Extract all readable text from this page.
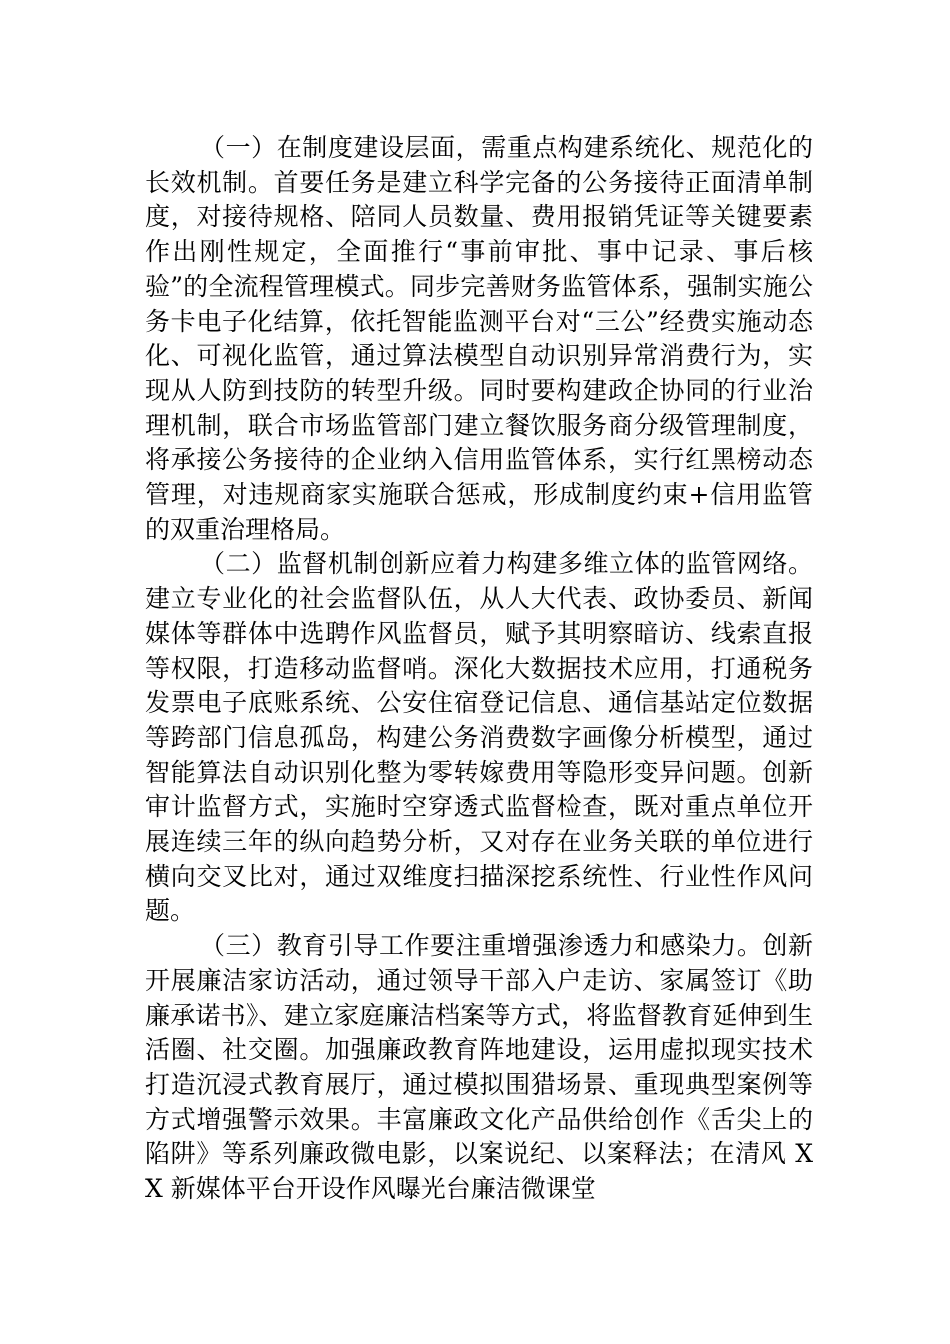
（一）在制度建设层面，需重点构建系统化、规范化的长效机制。首要任务是建立科学完备的公务接待正面清单制度，对接待规格、陪同人员数量、费用报销凭证等关键要素作出刚性规定，全面推行“事前审批、事中记录、事后核验”的全流程管理模式。同步完善财务监管体系，强制实施公务卡电子化结算，依托智能监测平台对“三公”经费实施动态化、可视化监管，通过算法模型自动识别异常消费行为，实现从人防到技防的转型升级。同时要构建政企协同的行业治理机制，联合市场监管部门建立餐饮服务商分级管理制度，将承接公务接待的企业纳入信用监管体系，实行红黑榜动态管理，对违规商家实施联合惩戒，形成制度约束+信用监管的双重治理格局。

（二）监督机制创新应着力构建多维立体的监管网络。建立专业化的社会监督队伍，从人大代表、政协委员、新闻媒体等群体中选聘作风监督员，赋予其明察暗访、线索直报等权限，打造移动监督哨。深化大数据技术应用，打通税务发票电子底账系统、公安住宿登记信息、通信基站定位数据等跨部门信息孤岛，构建公务消费数字画像分析模型，通过智能算法自动识别化整为零转嫁费用等隐形变异问题。创新审计监督方式，实施时空穿透式监督检查，既对重点单位开展连续三年的纵向趋势分析，又对存在业务关联的单位进行横向交叉比对，通过双维度扫描深挖系统性、行业性作风问题。

（三）教育引导工作要注重增强渗透力和感染力。创新开展廉洁家访活动，通过领导干部入户走访、家属签订《助廉承诺书》、建立家庭廉洁档案等方式，将监督教育延伸到生活圈、社交圈。加强廉政教育阵地建设，运用虚拟现实技术打造沉浸式教育展厅，通过模拟围猎场景、重现典型案例等方式增强警示效果。丰富廉政文化产品供给创作《舌尖上的陷阱》等系列廉政微电影，以案说纪、以案释法；在清风 XX 新媒体平台开设作风曝光台廉洁微课堂
